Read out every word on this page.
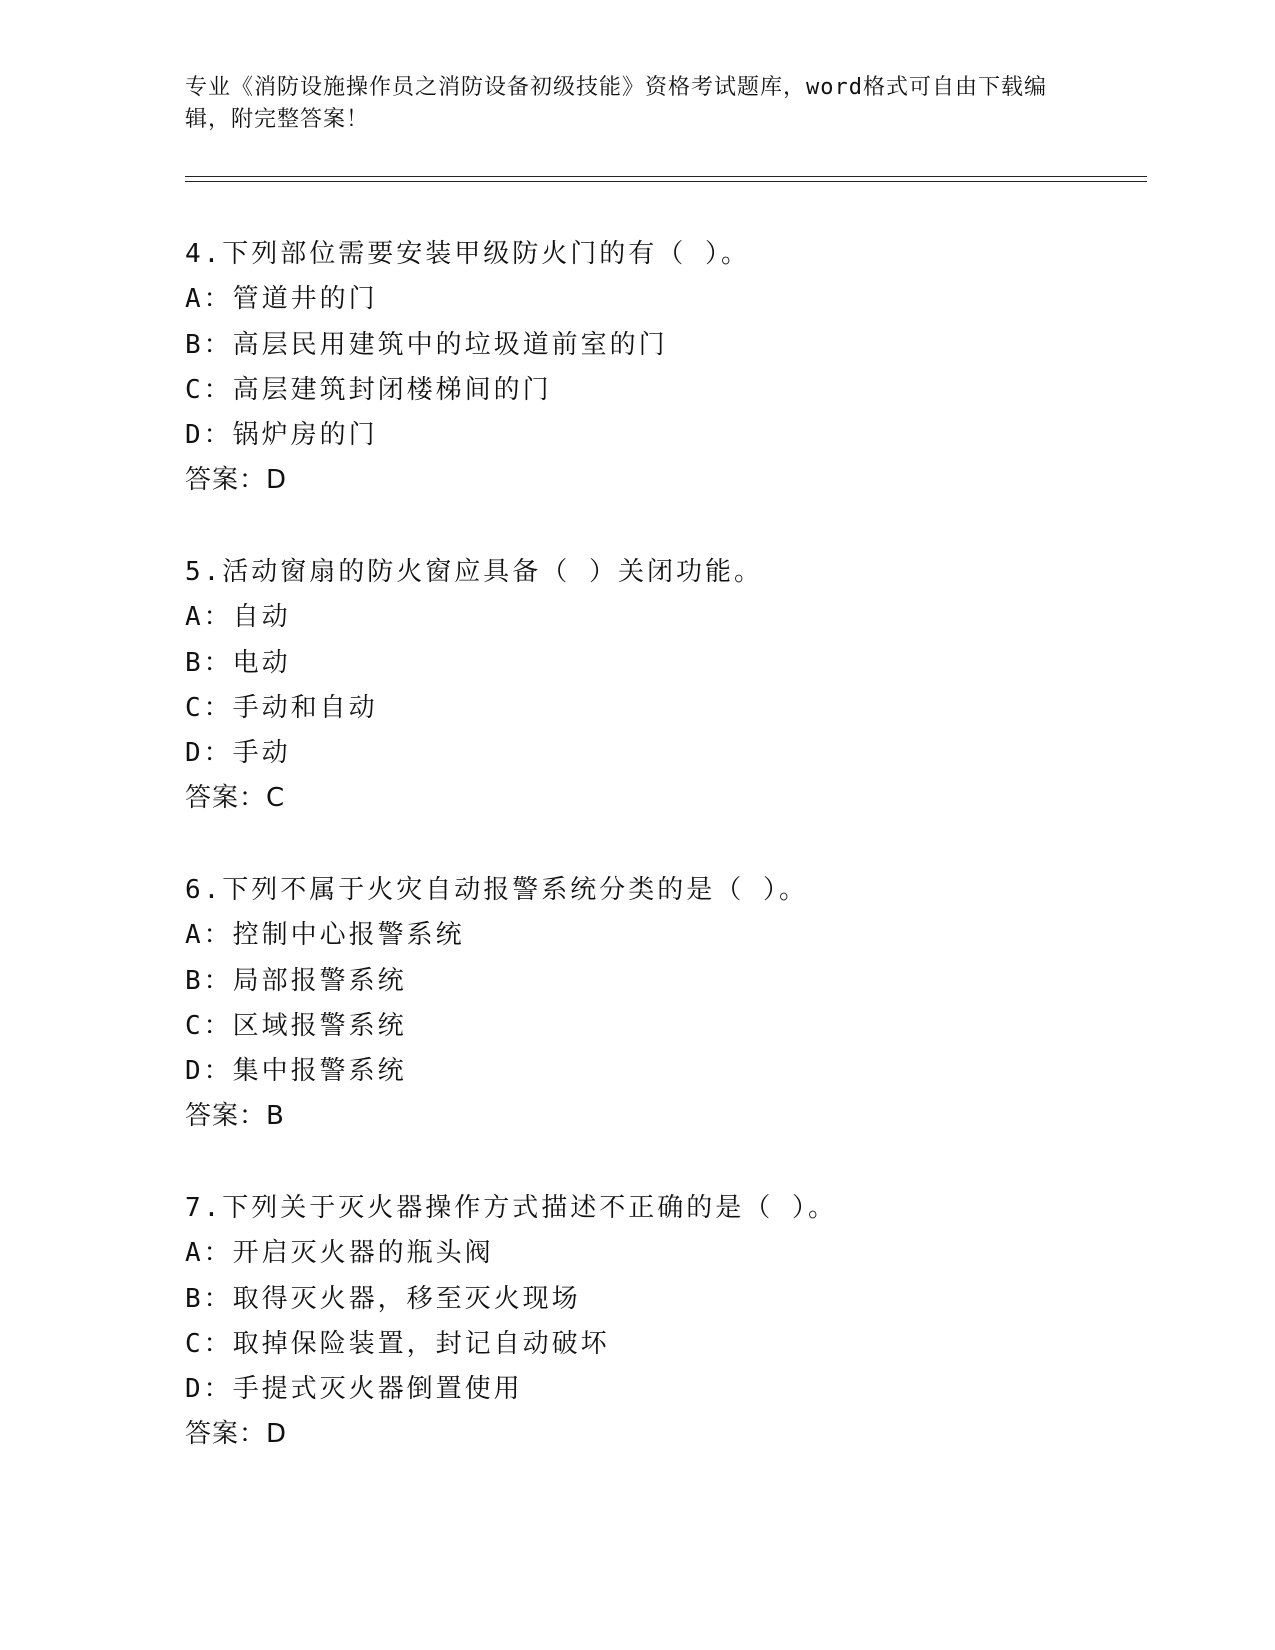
专业《消防设施操作员之消防设备初级技能》资格考试题库，word格式可自由下载编辑，附完整答案！
4.下列部位需要安装甲级防火门的有（ ）。
A：管道井的门
B：高层民用建筑中的垃圾道前室的门
C：高层建筑封闭楼梯间的门
D：锅炉房的门
答案：D
5.活动窗扇的防火窗应具备（ ）关闭功能。
A：自动
B：电动
C：手动和自动
D：手动
答案：C
6.下列不属于火灾自动报警系统分类的是（ ）。
A：控制中心报警系统
B：局部报警系统
C：区域报警系统
D：集中报警系统
答案：B
7.下列关于灭火器操作方式描述不正确的是（ ）。
A：开启灭火器的瓶头阀
B：取得灭火器，移至灭火现场
C：取掉保险装置，封记自动破坏
D：手提式灭火器倒置使用
答案：D
